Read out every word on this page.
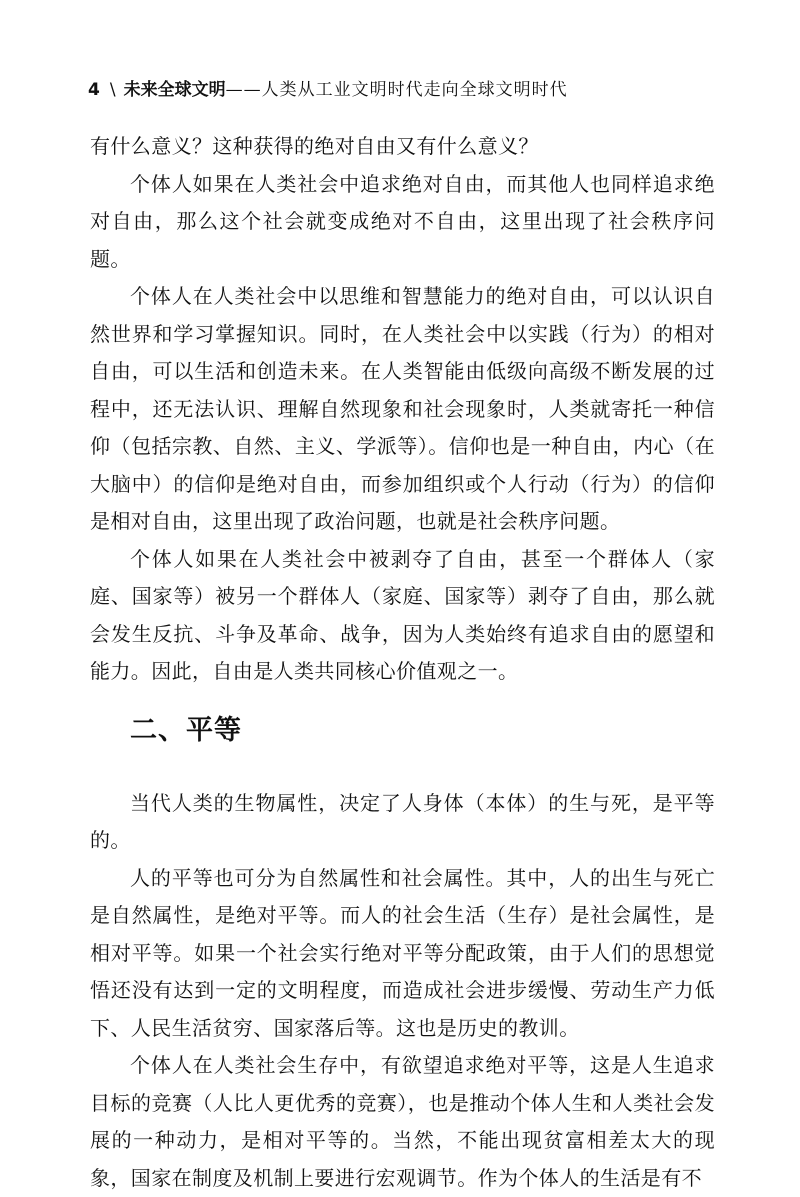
4 \ 未来全球文明——人类从工业文明时代走向全球文明时代

有什么意义？这种获得的绝对自由又有什么意义？

个体人如果在人类社会中追求绝对自由，而其他人也同样追求绝对自由，那么这个社会就变成绝对不自由，这里出现了社会秩序问题。

个体人在人类社会中以思维和智慧能力的绝对自由，可以认识自然世界和学习掌握知识。同时，在人类社会中以实践（行为）的相对自由，可以生活和创造未来。在人类智能由低级向高级不断发展的过程中，还无法认识、理解自然现象和社会现象时，人类就寄托一种信仰（包括宗教、自然、主义、学派等）。信仰也是一种自由，内心（在大脑中）的信仰是绝对自由，而参加组织或个人行动（行为）的信仰是相对自由，这里出现了政治问题，也就是社会秩序问题。

个体人如果在人类社会中被剥夺了自由，甚至一个群体人（家庭、国家等）被另一个群体人（家庭、国家等）剥夺了自由，那么就会发生反抗、斗争及革命、战争，因为人类始终有追求自由的愿望和能力。因此，自由是人类共同核心价值观之一。

二、平等

当代人类的生物属性，决定了人身体（本体）的生与死，是平等的。

人的平等也可分为自然属性和社会属性。其中，人的出生与死亡是自然属性，是绝对平等。而人的社会生活（生存）是社会属性，是相对平等。如果一个社会实行绝对平等分配政策，由于人们的思想觉悟还没有达到一定的文明程度，而造成社会进步缓慢、劳动生产力低下、人民生活贫穷、国家落后等。这也是历史的教训。

个体人在人类社会生存中，有欲望追求绝对平等，这是人生追求目标的竞赛（人比人更优秀的竞赛），也是推动个体人生和人类社会发展的一种动力，是相对平等的。当然，不能出现贫富相差太大的现象，国家在制度及机制上要进行宏观调节。作为个体人的生活是有不
